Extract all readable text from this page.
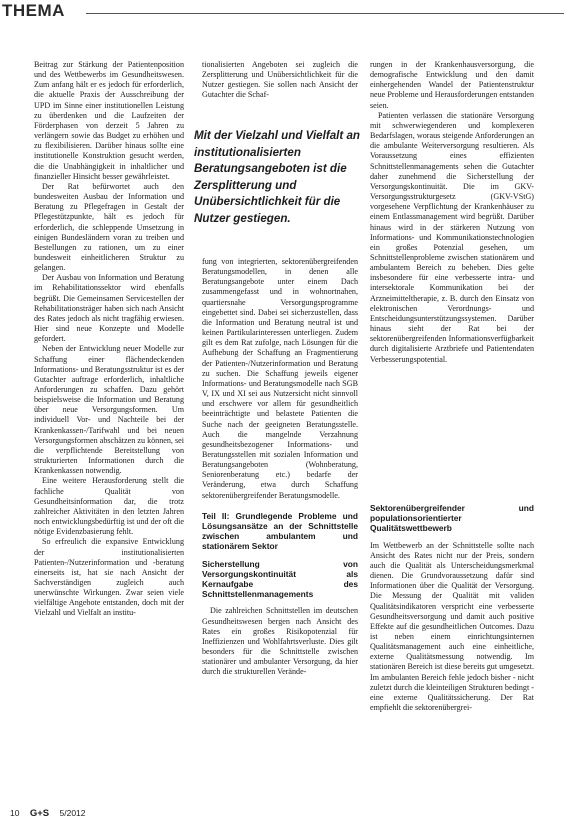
THEMA

Beitrag zur Stärkung der Patientenposition und des Wettbewerbs im Gesundheitswesen. Zum anfang hält er es jedoch für erforderlich, die aktuelle Praxis der Ausschreibung der UPD im Sinne einer institutionellen Leistung zu überdenken und die Laufzeiten der Förderphasen von derzeit 5 Jahren zu verlängern sowie das Budget zu erhöhen und zu flexibilisieren. Darüber hinaus sollte eine institutionelle Konstruktion gesucht werden, die die Unabhängigkeit in inhaltlicher und finanzieller Hinsicht besser gewährleistet.

Der Rat befürwortet auch den bundesweiten Ausbau der Information und Beratung zu Pflegefragen in Gestalt der Pflegestützpunkte, hält es jedoch für erforderlich, die schleppende Umsetzung in einigen Bundesländern voran zu treiben und Bestellungen zu rationen, um zu einer bundesweit einheitlicheren Struktur zu gelangen.

Der Ausbau von Information und Beratung im Rehabilitationssektor wird ebenfalls begrüßt. Die Gemeinsamen Servicestellen der Rehabilitationsträger haben sich nach Ansicht des Rates jedoch als nicht tragfähig erwiesen. Hier sind neue Konzepte und Modelle gefordert.

Neben der Entwicklung neuer Modelle zur Schaffung einer flächendeckenden Informations- und Beratungsstruktur ist es der Gutachter auftrage erforderlich, inhaltliche Anforderungen zu schaffen. Dazu gehört beispielsweise die Information und Beratung über neue Versorgungsformen. Um individuell Vor- und Nachteile bei der Krankenkassen-/Tarifwahl und bei neuen Versorgungsformen abschätzen zu können, sei die verpflichtende Bereitstellung von strukturierten Informationen durch die Krankenkassen notwendig.

Eine weitere Herausforderung stellt die fachliche Qualität von Gesundheitsinformation dar, die trotz zahlreicher Aktivitäten in den letzten Jahren noch entwicklungsbedürftig ist und der oft die nötige Evidenzbasierung fehlt.

So erfreulich die expansive Entwicklung der institutionalisierten Patienten-/Nutzerinformation und -beratung einerseits ist, hat sie nach Ansicht der Sachverständigen zugleich auch unerwünschte Wirkungen. Zwar seien viele vielfältige Angebote entstanden, doch mit der Vielzahl und Vielfalt an institu-

tionalisierten Angeboten sei zugleich die Zersplitterung und Unübersichtlichkeit für die Nutzer gestiegen. Sie sollen nach Ansicht der Gutachter die Schaf-

Mit der Vielzahl und Vielfalt an institutionalisierten Beratungsangeboten ist die Zersplitterung und Unübersichtlichkeit für die Nutzer gestiegen.

fung von integrierten, sektorenübergreifenden Beratungsmodellen, in denen alle Beratungsangebote unter einem Dach zusammengefasst und in wohnortnahen, quartiersnahe Versorgungsprogramme eingebettet sind. Dabei sei sicherzustellen, dass die Information und Beratung neutral ist und keinen Partikularinteressen unterliegen. Zudem gilt es dem Rat zufolge, nach Lösungen für die Aufhebung der Schaffung an Fragmentierung der Patienten-/Nutzerinformation und Beratung zu suchen. Die Schaffung jeweils eigener Informations- und Beratungsmodelle nach SGB V, IX und XI sei aus Nutzersicht nicht sinnvoll und erschwere vor allem für gesundheitlich beeinträchtigte und belastete Patienten die Suche nach der geeigneten Beratungsstelle. Auch die mangelnde Verzahnung gesundheitsbezogener Informations- und Beratungsstellen mit sozialen Information und Beratungsangeboten (Wohnberatung, Seniorenberatung etc.) bedarfe der Veränderung, etwa durch Schaffung sektorenübergreifender Beratungsmodelle.

Teil II: Grundlegende Probleme und Lösungsansätze an der Schnittstelle zwischen ambulantem und stationärem Sektor
Sicherstellung von Versorgungskontinuität als Kernaufgabe des Schnittstellenmanagements

Die zahlreichen Schnittstellen im deutschen Gesundheitswesen bergen nach Ansicht des Rates ein großes Risikopotenzial für Ineffizienzen und Wohlfahrtsverluste. Dies gilt besonders für die Schnittstelle zwischen stationärer und ambulanter Versorgung, da hier durch die strukturellen Verände-

rungen in der Krankenhausversorgung, die demografische Entwicklung und den damit einhergehenden Wandel der Patientenstruktur neue Probleme und Herausforderungen entstanden seien.

Patienten verlassen die stationäre Versorgung mit schwerwiegenderen und komplexeren Bedarfslagen, woraus steigende Anforderungen an die ambulante Weiterversorgung resultieren. Als Voraussetzung eines effizienten Schnittstellenmanagements sehen die Gutachter daher zunehmend die Sicherstellung der Versorgungskontinuität. Die im GKV-Versorgungsstrukturgesetz (GKV-VStG) vorgesehene Verpflichtung der Krankenhäuser zu einem Entlassmanagement wird begrüßt. Darüber hinaus wird in der stärkeren Nutzung von Informations- und Kommunikationstechnologien ein großes Potenzial gesehen, um Schnittstellenprobleme zwischen stationärem und ambulantem Bereich zu beheben. Dies gelte insbesondere für eine verbesserte intra- und intersektorale Kommunikation bei der Arzneimitteltherapie, z. B. durch den Einsatz von elektronischen Verordnungs- und Entscheidungsunterstützungssystemen. Darüber hinaus sieht der Rat bei der sektorenübergreifenden Informationsverfügbarkeit durch digitalisierte Arztbriefe und Patientendaten Verbesserungspotential.

Sektorenübergreifender und populationsorientierter Qualitätswettbewerb

Im Wettbewerb an der Schnittstelle sollte nach Ansicht des Rates nicht nur der Preis, sondern auch die Qualität als Unterscheidungsmerkmal dienen. Die Grundvoraussetzung dafür sind Informationen über die Qualität der Versorgung. Die Messung der Qualität mit validen Qualitätsindikatoren verspricht eine verbesserte Gesundheitsversorgung und damit auch positive Effekte auf die gesundheitlichen Outcomes. Dazu ist neben einem einrichtungsinternen Qualitätsmanagement auch eine einheitliche, externe Qualitätsmessung notwendig. Im stationären Bereich ist diese bereits gut umgesetzt. Im ambulanten Bereich fehle jedoch bisher - nicht zuletzt durch die kleinteiligen Strukturen bedingt - eine externe Qualitätssicherung. Der Rat empfiehlt die sektorenübergrei-

10 G+S 5/2012
